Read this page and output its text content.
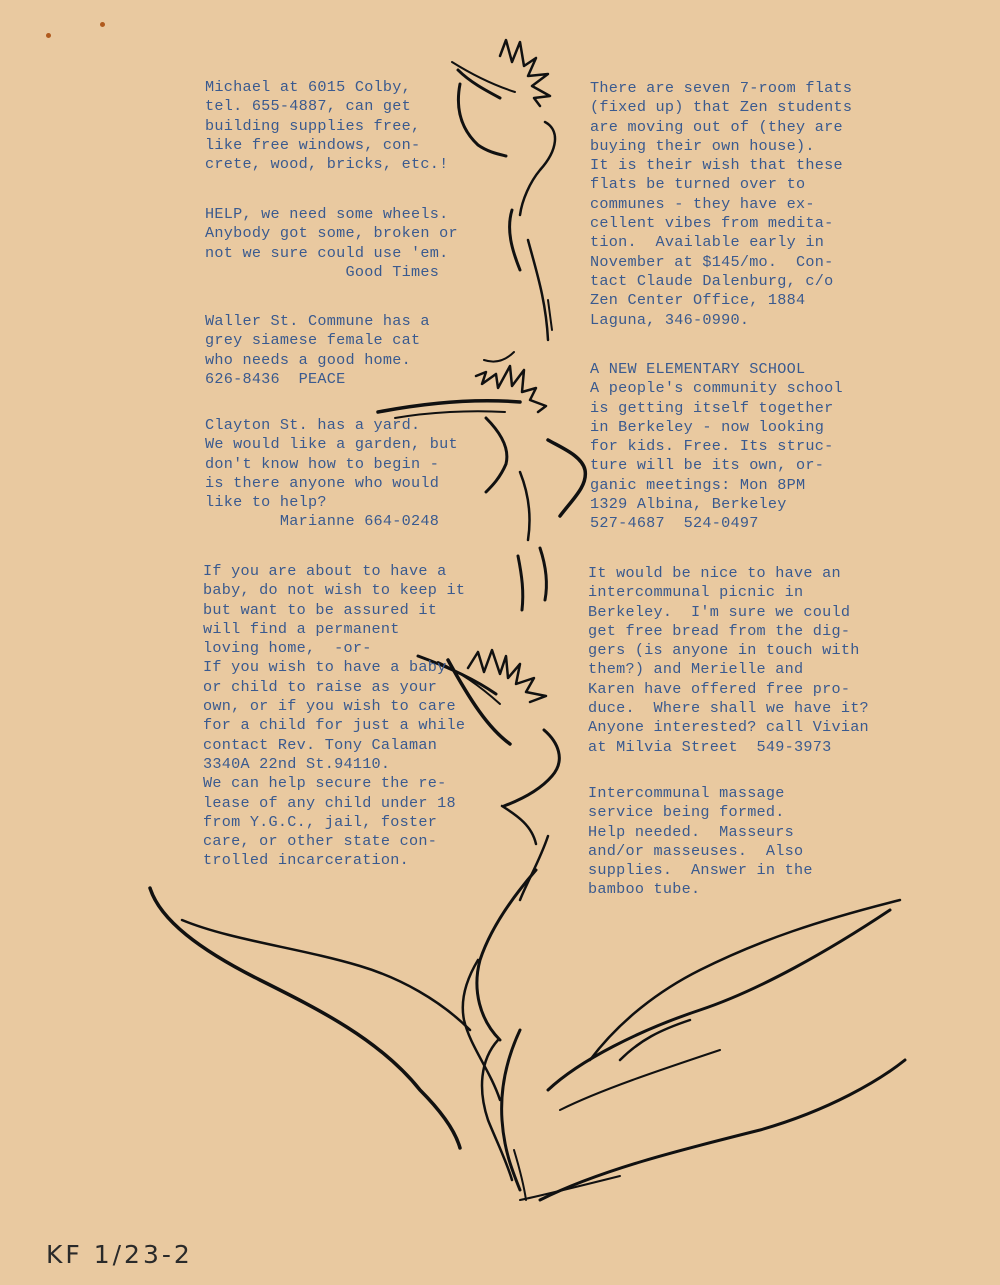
Michael at 6015 Colby,
tel. 655-4887, can get
building supplies free,
like free windows, con-
crete, wood, bricks, etc.!
HELP, we need some wheels.
Anybody got some, broken or
not we sure could use 'em.
Good Times
Waller St. Commune has a
grey siamese female cat
who needs a good home.
626-8436  PEACE
Clayton St. has a yard.
We would like a garden, but
don't know how to begin -
is there anyone who would
like to help?
Marianne 664-0248
If you are about to have a
baby, do not wish to keep it
but want to be assured it
will find a permanent
loving home,  -or-
If you wish to have a baby
or child to raise as your
own, or if you wish to care
for a child for just a while
contact Rev. Tony Calaman
3340A 22nd St.94110.
We can help secure the re-
lease of any child under 18
from Y.G.C., jail, foster
care, or other state con-
trolled incarceration.
There are seven 7-room flats
(fixed up) that Zen students
are moving out of (they are
buying their own house).
It is their wish that these
flats be turned over to
communes - they have ex-
cellent vibes from medita-
tion.  Available early in
November at $145/mo.  Con-
tact Claude Dalenburg, c/o
Zen Center Office, 1884
Laguna, 346-0990.
A NEW ELEMENTARY SCHOOL
A people's community school
is getting itself together
in Berkeley - now looking
for kids. Free. Its struc-
ture will be its own, or-
ganic meetings: Mon 8PM
1329 Albina, Berkeley
527-4687  524-0497
It would be nice to have an
intercommunal picnic in
Berkeley.  I'm sure we could
get free bread from the dig-
gers (is anyone in touch with
them?) and Merielle and
Karen have offered free pro-
duce.  Where shall we have it?
Anyone interested? call Vivian
at Milvia Street  549-3973
Intercommunal massage
service being formed.
Help needed.  Masseurs
and/or masseuses.  Also
supplies.  Answer in the
bamboo tube.
KF 1/23-2
